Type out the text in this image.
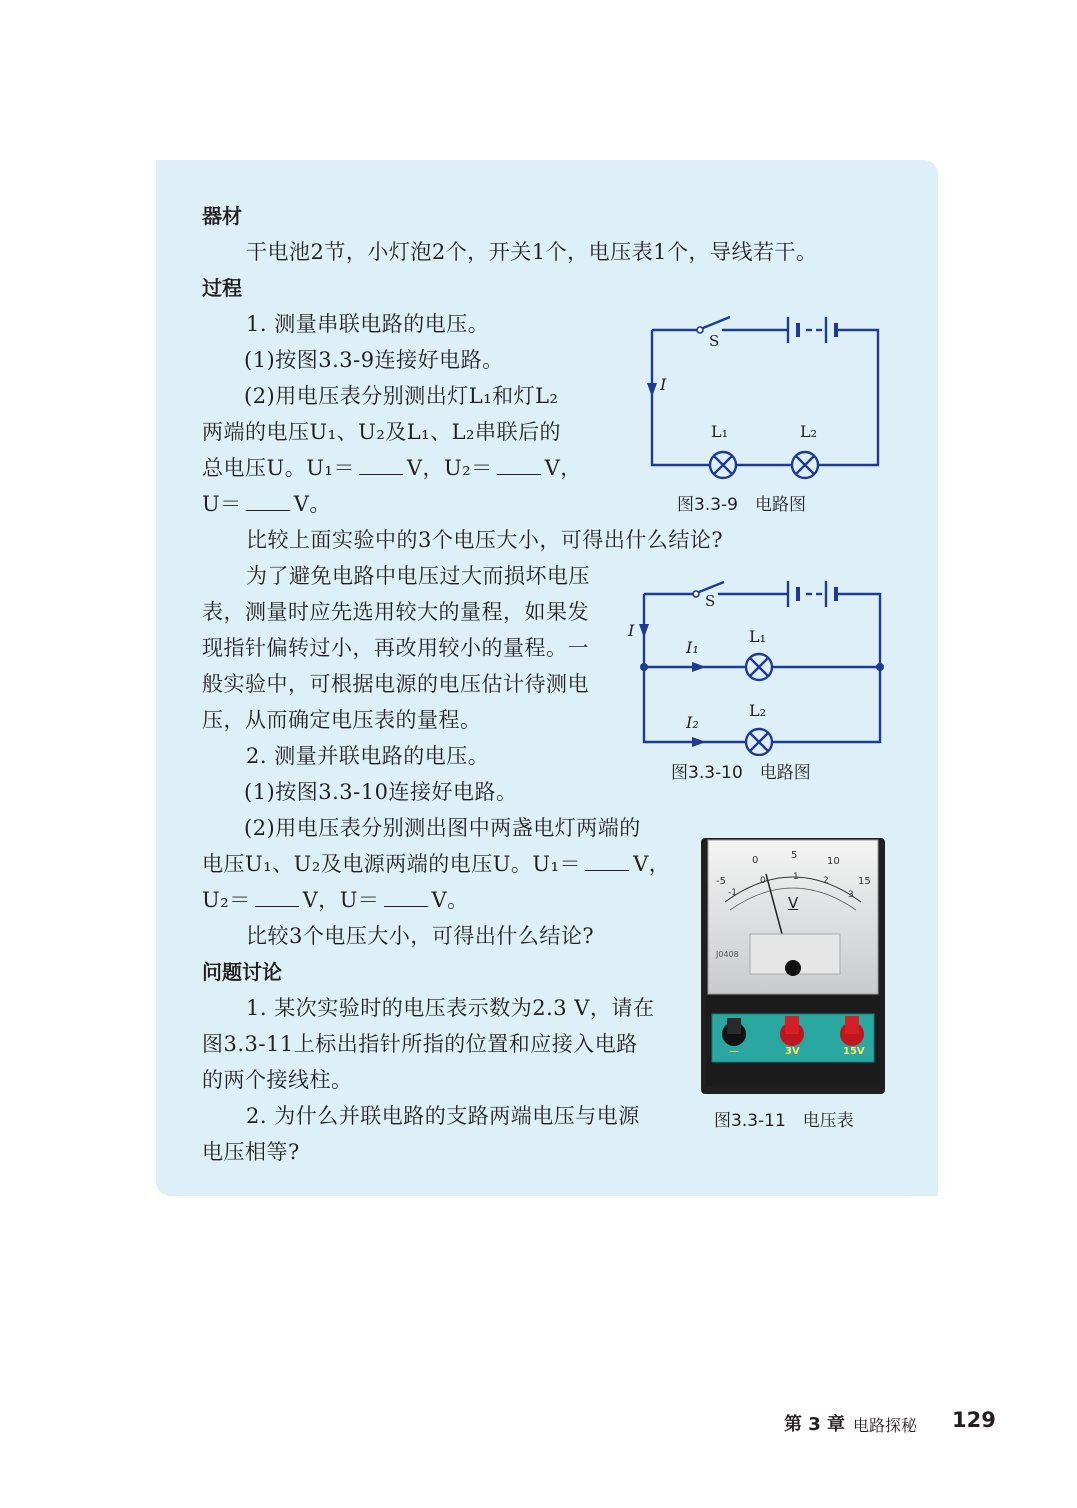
器材
干电池2节，小灯泡2个，开关1个，电压表1个，导线若干。
过程
1. 测量串联电路的电压。
(1)按图3.3-9连接好电路。
(2)用电压表分别测出灯L₁和灯L₂
两端的电压U₁、U₂及L₁、L₂串联后的
总电压U。U₁＝ V，U₂＝ V，
U＝ V。
比较上面实验中的3个电压大小，可得出什么结论?
为了避免电路中电压过大而损坏电压
表，测量时应先选用较大的量程，如果发
现指针偏转过小，再改用较小的量程。一
般实验中，可根据电源的电压估计待测电
压，从而确定电压表的量程。
2. 测量并联电路的电压。
(1)按图3.3-10连接好电路。
(2)用电压表分别测出图中两盏电灯两端的
电压U₁、U₂及电源两端的电压U。U₁＝ V，
U₂＝ V，U＝ V。
比较3个电压大小，可得出什么结论?
问题讨论
1. 某次实验时的电压表示数为2.3 V，请在
图3.3-11上标出指针所指的位置和应接入电路
的两个接线柱。
2. 为什么并联电路的支路两端电压与电源
电压相等?
S
I
L₁	L₂
图3.3-9　电路图
S
I
I₁
L₁
I₂
L₂
图3.3-10　电路图
0	5
10
15
-5
-1
0	1	2
3
V
J0408
—	3V	15V
图3.3-11　电压表
第 3 章 电路探秘 129
